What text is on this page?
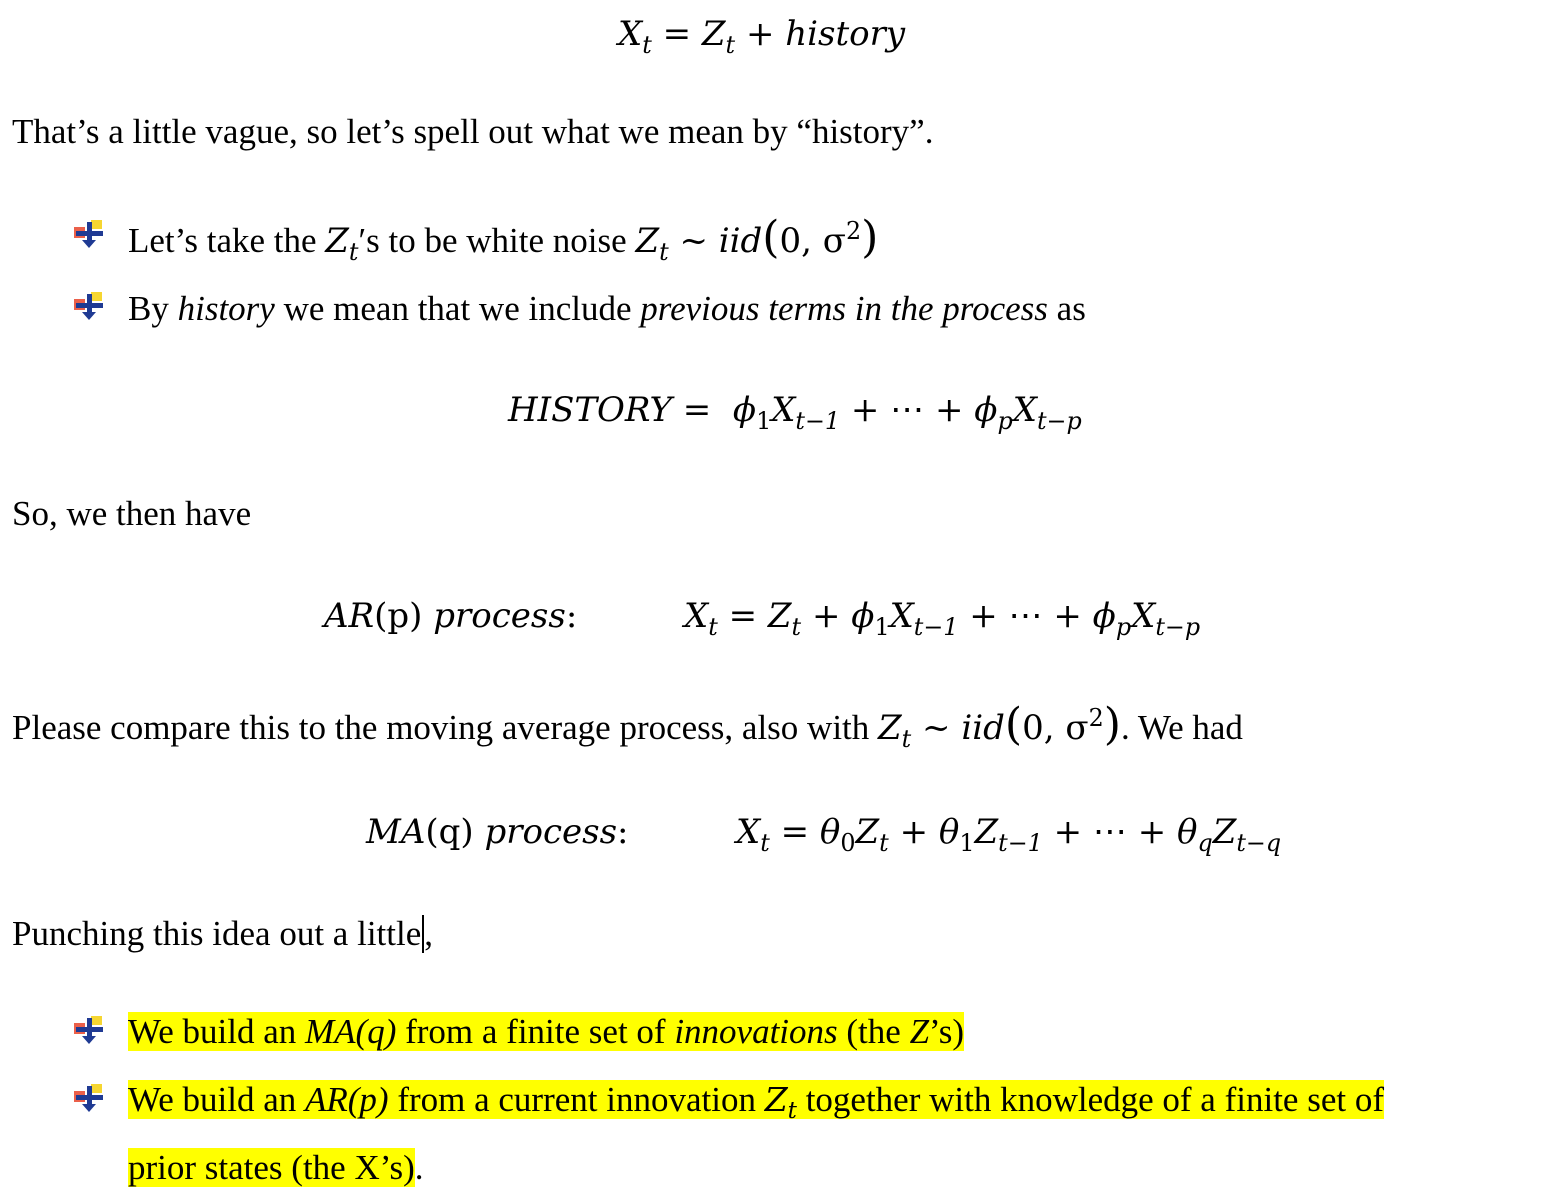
$X_t = Z_t$ + history
That’s a little vague, so let’s spell out what we mean by “history”.
Let’s take the $Z_t's$ to be white noise $Z_t$ ~ iid(0, $\sigma^2$)
By history we mean that we include previous terms in the process as
HISTORY = $\phi_1X_{t-1}$ + ⋯ + $\phi_pX_{t-p}$
So, we then have
AR(p) process:	$X_t = Z_t + \phi_1X_{t-1}$ + ⋯ + $\phi_pX_{t-p}$
Please compare this to the moving average process, also with $Z_t$ ~ iid(0, $\sigma^2$). We had
MA(q) process:	$X_t = \theta_0Z_t + \theta_1Z_{t-1}$ + ⋯ + $\theta_qZ_{t-q}$
Punching this idea out a little,
We build an MA(q) from a finite set of innovations (the Z’s)
We build an AR(p) from a current innovation $Z_t$ together with knowledge of a finite set of
prior states (the X’s).
